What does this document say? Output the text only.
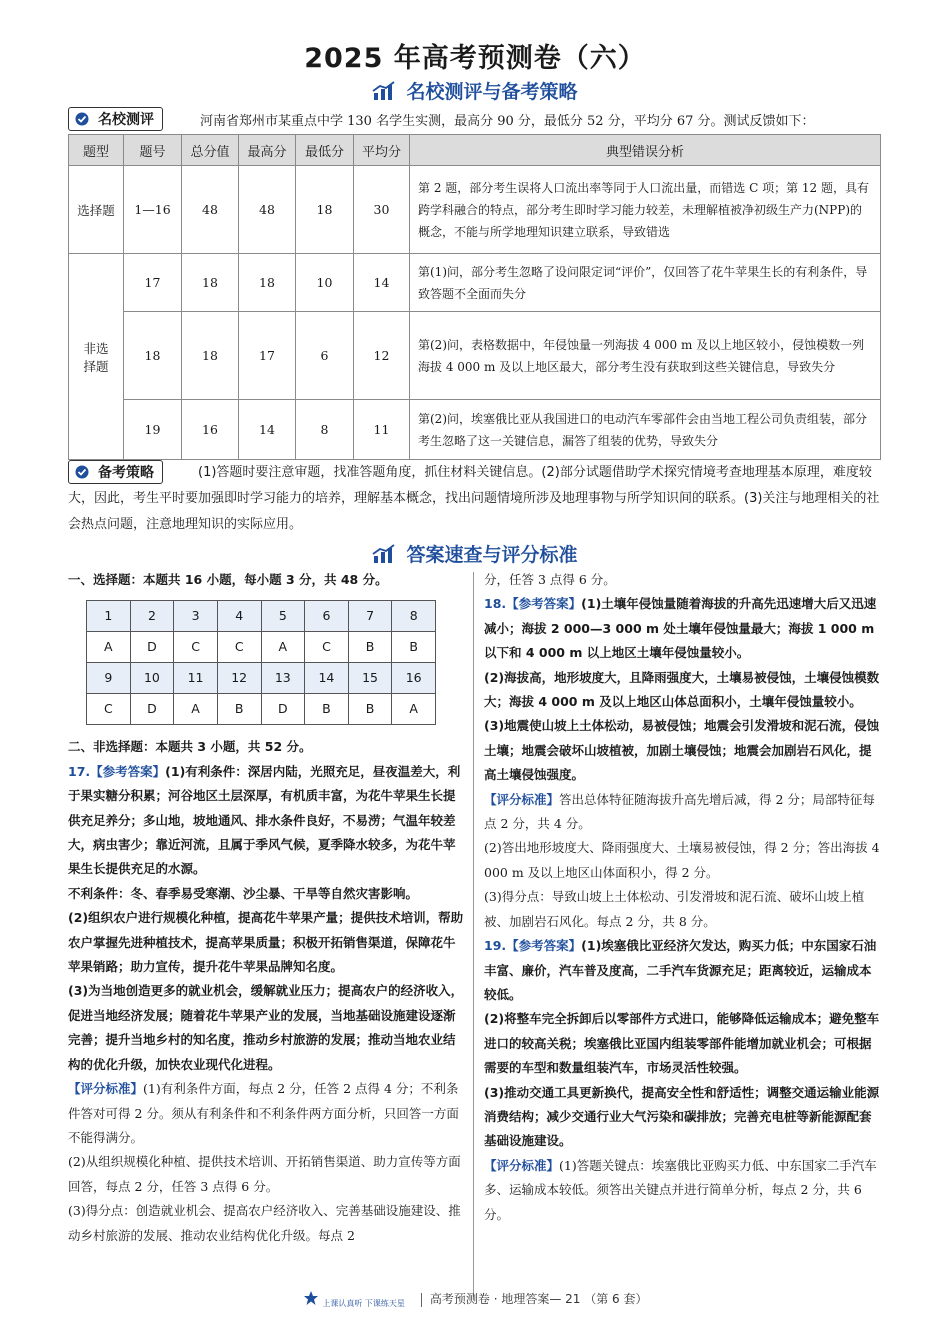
2025 年高考预测卷（六）
名校测评与备考策略
名校测评	河南省郑州市某重点中学 130 名学生实测，最高分 90 分，最低分 52 分，平均分 67 分。测试反馈如下：
题型	题号	总分值	最高分	最低分	平均分	典型错误分析
选择题	1—16	48	48	18	30	第 2 题，部分考生误将人口流出率等同于人口流出量，而错选 C 项；第 12 题，具有跨学科融合的特点，部分考生即时学习能力较差，未理解植被净初级生产力(NPP)的概念，不能与所学地理知识建立联系，导致错选
非选
择题	17	18	18	10	14	第(1)问，部分考生忽略了设问限定词“评价”，仅回答了花牛苹果生长的有利条件，导致答题不全面而失分
	18	18	17	6	12	第(2)问，表格数据中，年侵蚀量一列海拔 4 000 m 及以上地区较小，侵蚀模数一列海拔 4 000 m 及以上地区最大，部分考生没有获取到这些关键信息，导致失分
	19	16	14	8	11	第(2)问，埃塞俄比亚从我国进口的电动汽车零部件会由当地工程公司负责组装，部分考生忽略了这一关键信息，漏答了组装的优势，导致失分
备考策略	(1)答题时要注意审题，找准答题角度，抓住材料关键信息。(2)部分试题借助学术探究情境考查地理基本原理，难度较大，因此，考生平时要加强即时学习能力的培养，理解基本概念，找出问题情境所涉及地理事物与所学知识间的联系。(3)关注与地理相关的社会热点问题，注意地理知识的实际应用。
答案速查与评分标准

一、选择题：本题共 16 小题，每小题 3 分，共 48 分。

1	2	3	4	5	6	7	8
A	D	C	C	A	C	B	B
9	10	11	12	13	14	15	16
C	D	A	B	D	B	B	A

二、非选择题：本题共 3 小题，共 52 分。

17.【参考答案】(1)有利条件：深居内陆，光照充足，昼夜温差大，利于果实糖分积累；河谷地区土层深厚，有机质丰富，为花牛苹果生长提供充足养分；多山地，坡地通风、排水条件良好，不易涝；气温年较差大，病虫害少；靠近河流，且属于季风气候，夏季降水较多，为花牛苹果生长提供充足的水源。

不利条件：冬、春季易受寒潮、沙尘暴、干旱等自然灾害影响。

(2)组织农户进行规模化种植，提高花牛苹果产量；提供技术培训，帮助农户掌握先进种植技术，提高苹果质量；积极开拓销售渠道，保障花牛苹果销路；助力宣传，提升花牛苹果品牌知名度。

(3)为当地创造更多的就业机会，缓解就业压力；提高农户的经济收入，促进当地经济发展；随着花牛苹果产业的发展，当地基础设施建设逐渐完善；提升当地乡村的知名度，推动乡村旅游的发展；推动当地农业结构的优化升级，加快农业现代化进程。

【评分标准】(1)有利条件方面，每点 2 分，任答 2 点得 4 分；不利条件答对可得 2 分。须从有利条件和不利条件两方面分析，只回答一方面不能得满分。

(2)从组织规模化种植、提供技术培训、开拓销售渠道、助力宣传等方面回答，每点 2 分，任答 3 点得 6 分。

(3)得分点：创造就业机会、提高农户经济收入、完善基础设施建设、推动乡村旅游的发展、推动农业结构优化升级。每点 2

分，任答 3 点得 6 分。

18.【参考答案】(1)土壤年侵蚀量随着海拔的升高先迅速增大后又迅速减小；海拔 2 000—3 000 m 处土壤年侵蚀量最大；海拔 1 000 m 以下和 4 000 m 以上地区土壤年侵蚀量较小。

(2)海拔高，地形坡度大，且降雨强度大，土壤易被侵蚀，土壤侵蚀模数大；海拔 4 000 m 及以上地区山体总面积小，土壤年侵蚀量较小。

(3)地震使山坡上土体松动，易被侵蚀；地震会引发滑坡和泥石流，侵蚀土壤；地震会破坏山坡植被，加剧土壤侵蚀；地震会加剧岩石风化，提高土壤侵蚀强度。

【评分标准】答出总体特征随海拔升高先增后减，得 2 分；局部特征每点 2 分，共 4 分。

(2)答出地形坡度大、降雨强度大、土壤易被侵蚀，得 2 分；答出海拔 4 000 m 及以上地区山体面积小，得 2 分。

(3)得分点：导致山坡上土体松动、引发滑坡和泥石流、破坏山坡上植被、加剧岩石风化。每点 2 分，共 8 分。

19.【参考答案】(1)埃塞俄比亚经济欠发达，购买力低；中东国家石油丰富、廉价，汽车普及度高，二手汽车货源充足；距离较近，运输成本较低。

(2)将整车完全拆卸后以零部件方式进口，能够降低运输成本；避免整车进口的较高关税；埃塞俄比亚国内组装零部件能增加就业机会；可根据需要的车型和数量组装汽车，市场灵活性较强。

(3)推动交通工具更新换代，提高安全性和舒适性；调整交通运输业能源消费结构；减少交通行业大气污染和碳排放；完善充电桩等新能源配套基础设施建设。

【评分标准】(1)答题关键点：埃塞俄比亚购买力低、中东国家二手汽车多、运输成本较低。须答出关键点并进行简单分析，每点 2 分，共 6 分。

上课认真听 下课练天星 高考预测卷 · 地理答案— 21 （第 6 套）
